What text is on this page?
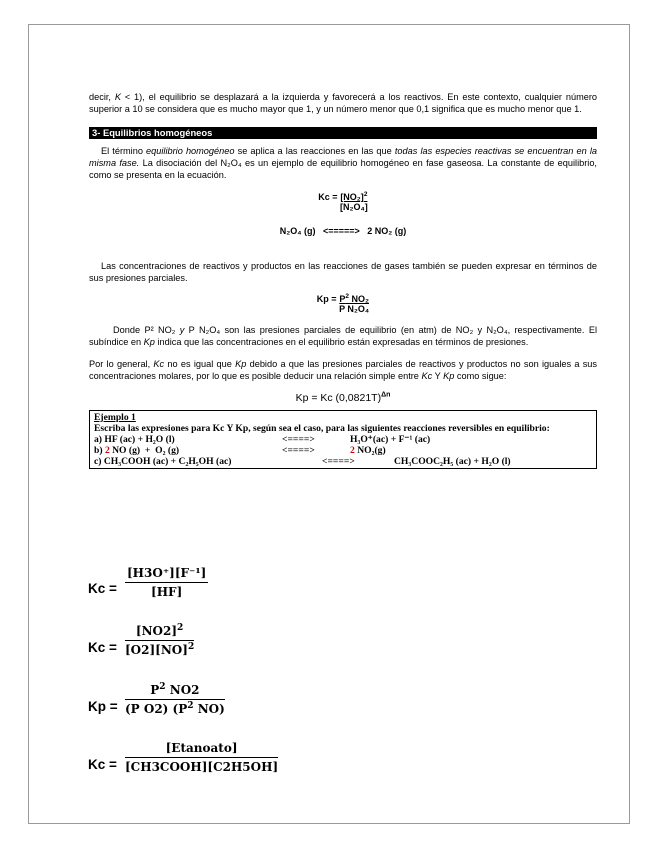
decir, K ˂ 1), el equilibrio se desplazará a la izquierda y favorecerá a los reactivos. En este contexto, cualquier número superior a 10 se considera que es mucho mayor que 1, y un número menor que 0,1 significa que es mucho menor que 1.

3- Equilibrios homogéneos

El término equilibrio homogéneo se aplica a las reacciones en las que todas las especies reactivas se encuentran en la misma fase. La disociación del N₂O₄ es un ejemplo de equilibrio homogéneo en fase gaseosa. La constante de equilibrio, como se presenta en la ecuación.

$Kc = \frac{[NO_2]^2}{\text{[N₂O₄]}}$
N₂O₄ (g)   <=====>   2 NO₂ (g)

Las concentraciones de reactivos y productos en las reacciones de gases también se pueden expresar en términos de sus presiones parciales.

$Kp = \frac{P^2 NO_2}{\text{P N₂O₄}}$

Donde P² NO₂ y P N₂O₄ son las presiones parciales de equilibrio (en atm) de NO₂ y N₂O₄, respectivamente. El subíndice en Kp indica que las concentraciones en el equilibrio están expresadas en términos de presiones.

Por lo general, Kc no es igual que Kp debido a que las presiones parciales de reactivos y productos no son iguales a sus concentraciones molares, por lo que es posible deducir una relación simple entre Kc Y Kp como sigue:

Kp = Kc $(0,0821T)^{\Delta n}$
Ejemplo 1
Escriba las expresiones para Kc Y Kp, según sea el caso, para las siguientes reacciones reversibles en equilibrio:
a) HF (ac) + H₂O (l)	<====>	H₃O⁺(ac) + F⁻¹ (ac)
b) 2 NO (g)  +  O₂ (g)	<====>	2 NO₂(g)
c) CH₃COOH (ac) + C₂H₅OH (ac)	<====>	CH₃COOC₂H₅ (ac) + H₂O (l)
$Kc = \frac{\text{[H3O⁺][F⁻¹]}}{[HF]}$
$Kc = \frac{[NO2]^2}{[O2][NO]^2}$
$Kp = \frac{P^2 NO2}{(P O2) (P^2 NO)}$
Kc =
[Etanoato]
[CH3COOH][C2H5OH]
